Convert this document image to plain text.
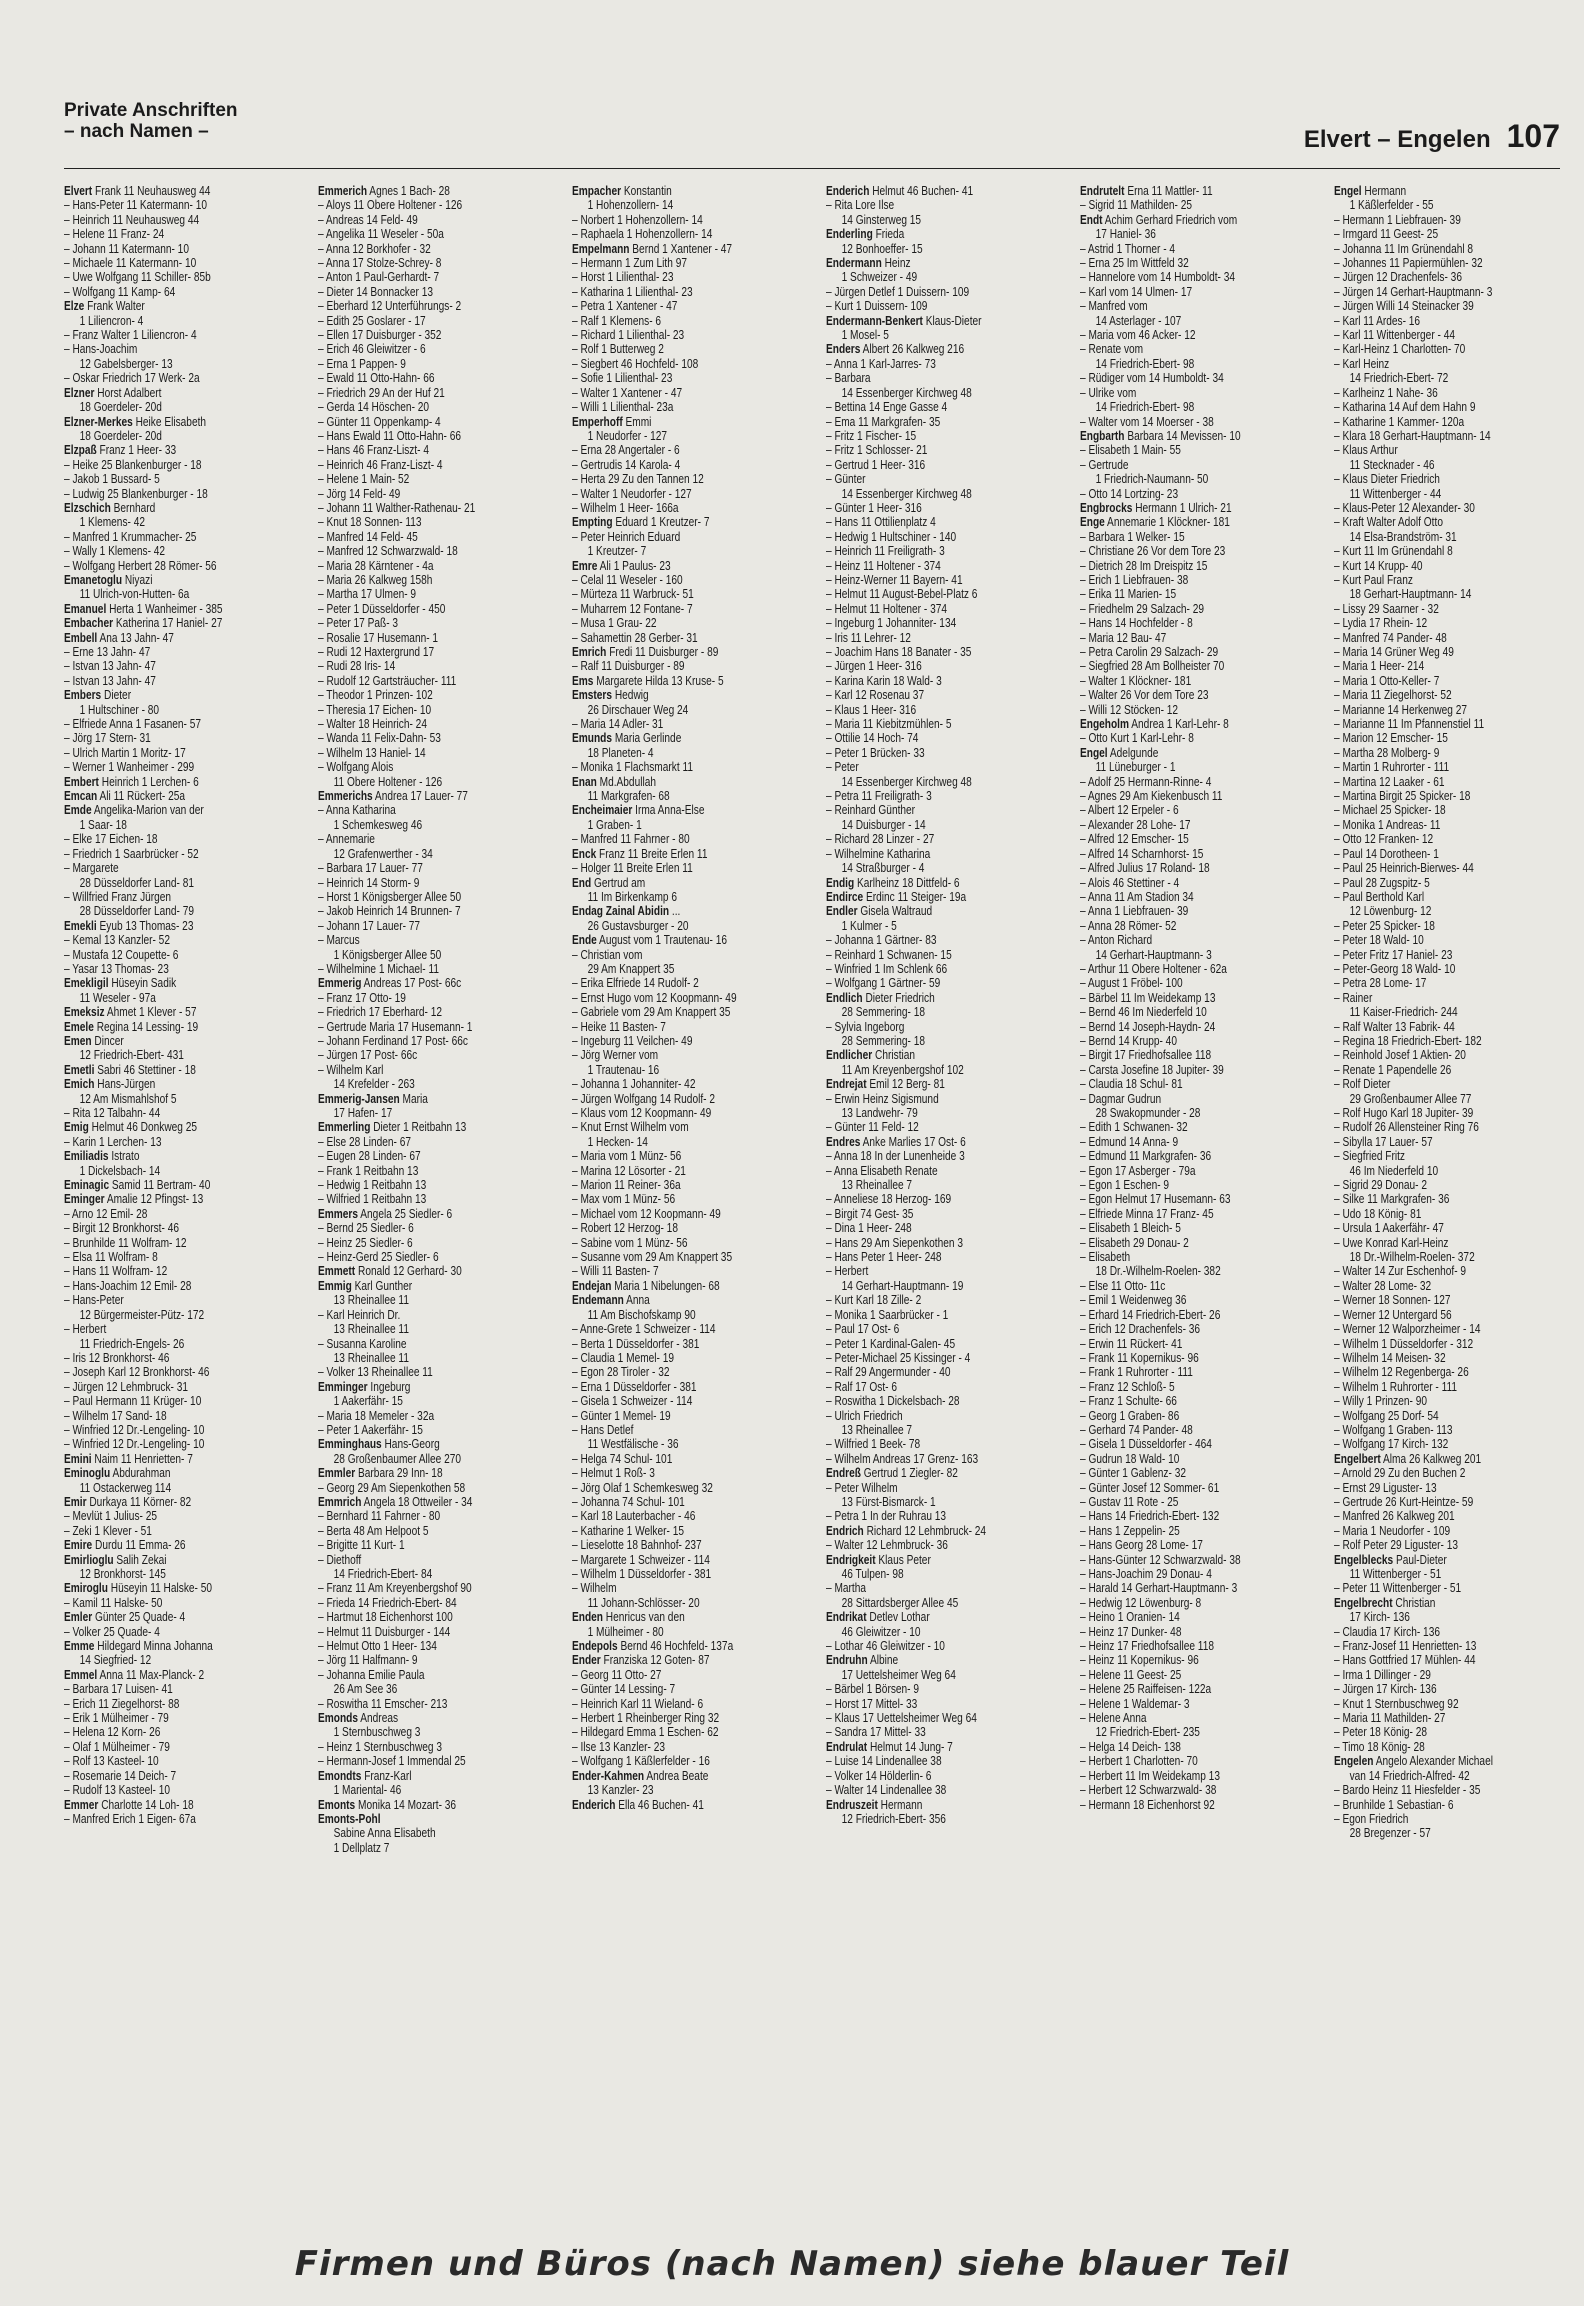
Private Anschriften
– nach Namen –	Elvert – Engelen 107
Elvert Frank 11 Neuhausweg 44
– Hans-Peter 11 Katermann- 10
– Heinrich 11 Neuhausweg 44
– Helene 11 Franz- 24
– Johann 11 Katermann- 10
– Michaele 11 Katermann- 10
– Uwe Wolfgang 11 Schiller- 85b
– Wolfgang 11 Kamp- 64
Elze Frank Walter
1 Liliencron- 4
– Franz Walter 1 Liliencron- 4
– Hans-Joachim
12 Gabelsberger- 13
– Oskar Friedrich 17 Werk- 2a
Elzner Horst Adalbert
18 Goerdeler- 20d
Elzner-Merkes Heike Elisabeth
18 Goerdeler- 20d
Elzpaß Franz 1 Heer- 33
– Heike 25 Blankenburger - 18
– Jakob 1 Bussard- 5
– Ludwig 25 Blankenburger - 18
Elzschich Bernhard
1 Klemens- 42
– Manfred 1 Krummacher- 25
– Wally 1 Klemens- 42
– Wolfgang Herbert 28 Römer- 56
Emanetoglu Niyazi
11 Ulrich-von-Hutten- 6a
Emanuel Herta 1 Wanheimer - 385
Embacher Katherina 17 Haniel- 27
Embell Ana 13 Jahn- 47
– Erne 13 Jahn- 47
– Istvan 13 Jahn- 47
– Istvan 13 Jahn- 47
Embers Dieter
1 Hultschiner - 80
– Elfriede Anna 1 Fasanen- 57
– Jörg 17 Stern- 31
– Ulrich Martin 1 Moritz- 17
– Werner 1 Wanheimer - 299
Embert Heinrich 1 Lerchen- 6
Emcan Ali 11 Rückert- 25a
Emde Angelika-Marion van der
1 Saar- 18
– Elke 17 Eichen- 18
– Friedrich 1 Saarbrücker - 52
– Margarete
28 Düsseldorfer Land- 81
– Willfried Franz Jürgen
28 Düsseldorfer Land- 79
Emekli Eyub 13 Thomas- 23
– Kemal 13 Kanzler- 52
– Mustafa 12 Coupette- 6
– Yasar 13 Thomas- 23
Emekligil Hüseyin Sadik
11 Weseler - 97a
Emeksiz Ahmet 1 Klever - 57
Emele Regina 14 Lessing- 19
Emen Dincer
12 Friedrich-Ebert- 431
Emetli Sabri 46 Stettiner - 18
Emich Hans-Jürgen
12 Am Mismahlshof 5
– Rita 12 Talbahn- 44
Emig Helmut 46 Donkweg 25
– Karin 1 Lerchen- 13
Emiliadis Istrato
1 Dickelsbach- 14
Eminagic Samid 11 Bertram- 40
Eminger Amalie 12 Pfingst- 13
– Arno 12 Emil- 28
– Birgit 12 Bronkhorst- 46
– Brunhilde 11 Wolfram- 12
– Elsa 11 Wolfram- 8
– Hans 11 Wolfram- 12
– Hans-Joachim 12 Emil- 28
– Hans-Peter
12 Bürgermeister-Pütz- 172
– Herbert
11 Friedrich-Engels- 26
– Iris 12 Bronkhorst- 46
– Joseph Karl 12 Bronkhorst- 46
– Jürgen 12 Lehmbruck- 31
– Paul Hermann 11 Krüger- 10
– Wilhelm 17 Sand- 18
– Winfried 12 Dr.-Lengeling- 10
– Winfried 12 Dr.-Lengeling- 10
Emini Naim 11 Henrietten- 7
Eminoglu Abdurahman
11 Ostackerweg 114
Emir Durkaya 11 Körner- 82
– Mevlüt 1 Julius- 25
– Zeki 1 Klever - 51
Emire Durdu 11 Emma- 26
Emirlioglu Salih Zekai
12 Bronkhorst- 145
Emiroglu Hüseyin 11 Halske- 50
– Kamil 11 Halske- 50
Emler Günter 25 Quade- 4
– Volker 25 Quade- 4
Emme Hildegard Minna Johanna
14 Siegfried- 12
Emmel Anna 11 Max-Planck- 2
– Barbara 17 Luisen- 41
– Erich 11 Ziegelhorst- 88
– Erik 1 Mülheimer - 79
– Helena 12 Korn- 26
– Olaf 1 Mülheimer - 79
– Rolf 13 Kasteel- 10
– Rosemarie 14 Deich- 7
– Rudolf 13 Kasteel- 10
Emmer Charlotte 14 Loh- 18
– Manfred Erich 1 Eigen- 67a
Emmerich Agnes 1 Bach- 28
– Aloys 11 Obere Holtener - 126
– Andreas 14 Feld- 49
– Angelika 11 Weseler - 50a
– Anna 12 Borkhofer - 32
– Anna 17 Stolze-Schrey- 8
– Anton 1 Paul-Gerhardt- 7
– Dieter 14 Bonnacker 13
– Eberhard 12 Unterführungs- 2
– Edith 25 Goslarer - 17
– Ellen 17 Duisburger - 352
– Erich 46 Gleiwitzer - 6
– Erna 1 Pappen- 9
– Ewald 11 Otto-Hahn- 66
– Friedrich 29 An der Huf 21
– Gerda 14 Höschen- 20
– Günter 11 Oppenkamp- 4
– Hans Ewald 11 Otto-Hahn- 66
– Hans 46 Franz-Liszt- 4
– Heinrich 46 Franz-Liszt- 4
– Helene 1 Main- 52
– Jörg 14 Feld- 49
– Johann 11 Walther-Rathenau- 21
– Knut 18 Sonnen- 113
– Manfred 14 Feld- 45
– Manfred 12 Schwarzwald- 18
– Maria 28 Kärntener - 4a
– Maria 26 Kalkweg 158h
– Martha 17 Ulmen- 9
– Peter 1 Düsseldorfer - 450
– Peter 17 Paß- 3
– Rosalie 17 Husemann- 1
– Rudi 12 Haxtergrund 17
– Rudi 28 Iris- 14
– Rudolf 12 Gartsträucher- 111
– Theodor 1 Prinzen- 102
– Theresia 17 Eichen- 10
– Walter 18 Heinrich- 24
– Wanda 11 Felix-Dahn- 53
– Wilhelm 13 Haniel- 14
– Wolfgang Alois
11 Obere Holtener - 126
Emmerichs Andrea 17 Lauer- 77
– Anna Katharina
1 Schemkesweg 46
– Annemarie
12 Grafenwerther - 34
– Barbara 17 Lauer- 77
– Heinrich 14 Storm- 9
– Horst 1 Königsberger Allee 50
– Jakob Heinrich 14 Brunnen- 7
– Johann 17 Lauer- 77
– Marcus
1 Königsberger Allee 50
– Wilhelmine 1 Michael- 11
Emmerig Andreas 17 Post- 66c
– Franz 17 Otto- 19
– Friedrich 17 Eberhard- 12
– Gertrude Maria 17 Husemann- 1
– Johann Ferdinand 17 Post- 66c
– Jürgen 17 Post- 66c
– Wilhelm Karl
14 Krefelder - 263
Emmerig-Jansen Maria
17 Hafen- 17
Emmerling Dieter 1 Reitbahn 13
– Else 28 Linden- 67
– Eugen 28 Linden- 67
– Frank 1 Reitbahn 13
– Hedwig 1 Reitbahn 13
– Wilfried 1 Reitbahn 13
Emmers Angela 25 Siedler- 6
– Bernd 25 Siedler- 6
– Heinz 25 Siedler- 6
– Heinz-Gerd 25 Siedler- 6
Emmett Ronald 12 Gerhard- 30
Emmig Karl Gunther
13 Rheinallee 11
– Karl Heinrich Dr.
13 Rheinallee 11
– Susanna Karoline
13 Rheinallee 11
– Volker 13 Rheinallee 11
Emminger Ingeburg
1 Aakerfähr- 15
– Maria 18 Memeler - 32a
– Peter 1 Aakerfähr- 15
Emminghaus Hans-Georg
28 Großenbaumer Allee 270
Emmler Barbara 29 Inn- 18
– Georg 29 Am Siepenkothen 58
Emmrich Angela 18 Ottweiler - 34
– Bernhard 11 Fahrner - 80
– Berta 48 Am Helpoot 5
– Brigitte 11 Kurt- 1
– Diethoff
14 Friedrich-Ebert- 84
– Franz 11 Am Kreyenbergshof 90
– Frieda 14 Friedrich-Ebert- 84
– Hartmut 18 Eichenhorst 100
– Helmut 11 Duisburger - 144
– Helmut Otto 1 Heer- 134
– Jörg 11 Halfmann- 9
– Johanna Emilie Paula
26 Am See 36
– Roswitha 11 Emscher- 213
Emonds Andreas
1 Sternbuschweg 3
– Heinz 1 Sternbuschweg 3
– Hermann-Josef 1 Immendal 25
Emondts Franz-Karl
1 Mariental- 46
Emonts Monika 14 Mozart- 36
Emonts-Pohl
Sabine Anna Elisabeth
1 Dellplatz 7
Empacher Konstantin
1 Hohenzollern- 14
– Norbert 1 Hohenzollern- 14
– Raphaela 1 Hohenzollern- 14
Empelmann Bernd 1 Xantener - 47
– Hermann 1 Zum Lith 97
– Horst 1 Lilienthal- 23
– Katharina 1 Lilienthal- 23
– Petra 1 Xantener - 47
– Ralf 1 Klemens- 6
– Richard 1 Lilienthal- 23
– Rolf 1 Butterweg 2
– Siegbert 46 Hochfeld- 108
– Sofie 1 Lilienthal- 23
– Walter 1 Xantener - 47
– Willi 1 Lilienthal- 23a
Emperhoff Emmi
1 Neudorfer - 127
– Erna 28 Angertaler - 6
– Gertrudis 14 Karola- 4
– Herta 29 Zu den Tannen 12
– Walter 1 Neudorfer - 127
– Wilhelm 1 Heer- 166a
Empting Eduard 1 Kreutzer- 7
– Peter Heinrich Eduard
1 Kreutzer- 7
Emre Ali 1 Paulus- 23
– Celal 11 Weseler - 160
– Mürteza 11 Warbruck- 51
– Muharrem 12 Fontane- 7
– Musa 1 Grau- 22
– Sahamettin 28 Gerber- 31
Emrich Fredi 11 Duisburger - 89
– Ralf 11 Duisburger - 89
Ems Margarete Hilda 13 Kruse- 5
Emsters Hedwig
26 Dirschauer Weg 24
– Maria 14 Adler- 31
Emunds Maria Gerlinde
18 Planeten- 4
– Monika 1 Flachsmarkt 11
Enan Md.Abdullah
11 Markgrafen- 68
Encheimaier Irma Anna-Else
1 Graben- 1
– Manfred 11 Fahrner - 80
Enck Franz 11 Breite Erlen 11
– Holger 11 Breite Erlen 11
End Gertrud am
11 Im Birkenkamp 6
Endag Zainal Abidin ...
26 Gustavsburger - 20
Ende August vom 1 Trautenau- 16
– Christian vom
29 Am Knappert 35
– Erika Elfriede 14 Rudolf- 2
– Ernst Hugo vom 12 Koopmann- 49
– Gabriele vom 29 Am Knappert 35
– Heike 11 Basten- 7
– Ingeburg 11 Veilchen- 49
– Jörg Werner vom
1 Trautenau- 16
– Johanna 1 Johanniter- 42
– Jürgen Wolfgang 14 Rudolf- 2
– Klaus vom 12 Koopmann- 49
– Knut Ernst Wilhelm vom
1 Hecken- 14
– Maria vom 1 Münz- 56
– Marina 12 Lösorter - 21
– Marion 11 Reiner- 36a
– Max vom 1 Münz- 56
– Michael vom 12 Koopmann- 49
– Robert 12 Herzog- 18
– Sabine vom 1 Münz- 56
– Susanne vom 29 Am Knappert 35
– Willi 11 Basten- 7
Endejan Maria 1 Nibelungen- 68
Endemann Anna
11 Am Bischofskamp 90
– Anne-Grete 1 Schweizer - 114
– Berta 1 Düsseldorfer - 381
– Claudia 1 Memel- 19
– Egon 28 Tiroler - 32
– Erna 1 Düsseldorfer - 381
– Gisela 1 Schweizer - 114
– Günter 1 Memel- 19
– Hans Detlef
11 Westfälische - 36
– Helga 74 Schul- 101
– Helmut 1 Roß- 3
– Jörg Olaf 1 Schemkesweg 32
– Johanna 74 Schul- 101
– Karl 18 Lauterbacher - 46
– Katharine 1 Welker- 15
– Lieselotte 18 Bahnhof- 237
– Margarete 1 Schweizer - 114
– Wilhelm 1 Düsseldorfer - 381
– Wilhelm
11 Johann-Schlösser- 20
Enden Henricus van den
1 Mülheimer - 80
Endepols Bernd 46 Hochfeld- 137a
Ender Franziska 12 Goten- 87
– Georg 11 Otto- 27
– Günter 14 Lessing- 7
– Heinrich Karl 11 Wieland- 6
– Herbert 1 Rheinberger Ring 32
– Hildegard Emma 1 Eschen- 62
– Ilse 13 Kanzler- 23
– Wolfgang 1 Käßlerfelder - 16
Ender-Kahmen Andrea Beate
13 Kanzler- 23
Enderich Ella 46 Buchen- 41
Enderich Helmut 46 Buchen- 41
– Rita Lore Ilse
14 Ginsterweg 15
Enderling Frieda
12 Bonhoeffer- 15
Endermann Heinz
1 Schweizer - 49
– Jürgen Detlef 1 Duissern- 109
– Kurt 1 Duissern- 109
Endermann-Benkert Klaus-Dieter
1 Mosel- 5
Enders Albert 26 Kalkweg 216
– Anna 1 Karl-Jarres- 73
– Barbara
14 Essenberger Kirchweg 48
– Bettina 14 Enge Gasse 4
– Ema 11 Markgrafen- 35
– Fritz 1 Fischer- 15
– Fritz 1 Schlosser- 21
– Gertrud 1 Heer- 316
– Günter
14 Essenberger Kirchweg 48
– Günter 1 Heer- 316
– Hans 11 Ottilienplatz 4
– Hedwig 1 Hultschiner - 140
– Heinrich 11 Freiligrath- 3
– Heinz 11 Holtener - 374
– Heinz-Werner 11 Bayern- 41
– Helmut 11 August-Bebel-Platz 6
– Helmut 11 Holtener - 374
– Ingeburg 1 Johanniter- 134
– Iris 11 Lehrer- 12
– Joachim Hans 18 Banater - 35
– Jürgen 1 Heer- 316
– Karina Karin 18 Wald- 3
– Karl 12 Rosenau 37
– Klaus 1 Heer- 316
– Maria 11 Kiebitzmühlen- 5
– Ottilie 14 Hoch- 74
– Peter 1 Brücken- 33
– Peter
14 Essenberger Kirchweg 48
– Petra 11 Freiligrath- 3
– Reinhard Günther
14 Duisburger - 14
– Richard 28 Linzer - 27
– Wilhelmine Katharina
14 Straßburger - 4
Endig Karlheinz 18 Dittfeld- 6
Endirce Erdinc 11 Steiger- 19a
Endler Gisela Waltraud
1 Kulmer - 5
– Johanna 1 Gärtner- 83
– Reinhard 1 Schwanen- 15
– Winfried 1 Im Schlenk 66
– Wolfgang 1 Gärtner- 59
Endlich Dieter Friedrich
28 Semmering- 18
– Sylvia Ingeborg
28 Semmering- 18
Endlicher Christian
11 Am Kreyenbergshof 102
Endrejat Emil 12 Berg- 81
– Erwin Heinz Sigismund
13 Landwehr- 79
– Günter 11 Feld- 12
Endres Anke Marlies 17 Ost- 6
– Anna 18 In der Lunenheide 3
– Anna Elisabeth Renate
13 Rheinallee 7
– Anneliese 18 Herzog- 169
– Birgit 74 Gest- 35
– Dina 1 Heer- 248
– Hans 29 Am Siepenkothen 3
– Hans Peter 1 Heer- 248
– Herbert
14 Gerhart-Hauptmann- 19
– Kurt Karl 18 Zille- 2
– Monika 1 Saarbrücker - 1
– Paul 17 Ost- 6
– Peter 1 Kardinal-Galen- 45
– Peter-Michael 25 Kissinger - 4
– Ralf 29 Angermunder - 40
– Ralf 17 Ost- 6
– Roswitha 1 Dickelsbach- 28
– Ulrich Friedrich
13 Rheinallee 7
– Wilfried 1 Beek- 78
– Wilhelm Andreas 17 Grenz- 163
Endreß Gertrud 1 Ziegler- 82
– Peter Wilhelm
13 Fürst-Bismarck- 1
– Petra 1 In der Ruhrau 13
Endrich Richard 12 Lehmbruck- 24
– Walter 12 Lehmbruck- 36
Endrigkeit Klaus Peter
46 Tulpen- 98
– Martha
28 Sittardsberger Allee 45
Endrikat Detlev Lothar
46 Gleiwitzer - 10
– Lothar 46 Gleiwitzer - 10
Endruhn Albine
17 Uettelsheimer Weg 64
– Bärbel 1 Börsen- 9
– Horst 17 Mittel- 33
– Klaus 17 Uettelsheimer Weg 64
– Sandra 17 Mittel- 33
Endrulat Helmut 14 Jung- 7
– Luise 14 Lindenallee 38
– Volker 14 Hölderlin- 6
– Walter 14 Lindenallee 38
Endruszeit Hermann
12 Friedrich-Ebert- 356
Endrutelt Erna 11 Mattler- 11
– Sigrid 11 Mathilden- 25
Endt Achim Gerhard Friedrich vom
17 Haniel- 36
– Astrid 1 Thorner - 4
– Erna 25 Im Wittfeld 32
– Hannelore vom 14 Humboldt- 34
– Karl vom 14 Ulmen- 17
– Manfred vom
14 Asterlager - 107
– Maria vom 46 Acker- 12
– Renate vom
14 Friedrich-Ebert- 98
– Rüdiger vom 14 Humboldt- 34
– Ulrike vom
14 Friedrich-Ebert- 98
– Walter vom 14 Moerser - 38
Engbarth Barbara 14 Mevissen- 10
– Elisabeth 1 Main- 55
– Gertrude
1 Friedrich-Naumann- 50
– Otto 14 Lortzing- 23
Engbrocks Hermann 1 Ulrich- 21
Enge Annemarie 1 Klöckner- 181
– Barbara 1 Welker- 15
– Christiane 26 Vor dem Tore 23
– Dietrich 28 Im Dreispitz 15
– Erich 1 Liebfrauen- 38
– Erika 11 Marien- 15
– Friedhelm 29 Salzach- 29
– Hans 14 Hochfelder - 8
– Maria 12 Bau- 47
– Petra Carolin 29 Salzach- 29
– Siegfried 28 Am Bollheister 70
– Walter 1 Klöckner- 181
– Walter 26 Vor dem Tore 23
– Willi 12 Stöcken- 12
Engeholm Andrea 1 Karl-Lehr- 8
– Otto Kurt 1 Karl-Lehr- 8
Engel Adelgunde
11 Lüneburger - 1
– Adolf 25 Hermann-Rinne- 4
– Agnes 29 Am Kiekenbusch 11
– Albert 12 Erpeler - 6
– Alexander 28 Lohe- 17
– Alfred 12 Emscher- 15
– Alfred 14 Scharnhorst- 15
– Alfred Julius 17 Roland- 18
– Alois 46 Stettiner - 4
– Anna 11 Am Stadion 34
– Anna 1 Liebfrauen- 39
– Anna 28 Römer- 52
– Anton Richard
14 Gerhart-Hauptmann- 3
– Arthur 11 Obere Holtener - 62a
– August 1 Fröbel- 100
– Bärbel 11 Im Weidekamp 13
– Bernd 46 Im Niederfeld 10
– Bernd 14 Joseph-Haydn- 24
– Bernd 14 Krupp- 40
– Birgit 17 Friedhofsallee 118
– Carsta Josefine 18 Jupiter- 39
– Claudia 18 Schul- 81
– Dagmar Gudrun
28 Swakopmunder - 28
– Edith 1 Schwanen- 32
– Edmund 14 Anna- 9
– Edmund 11 Markgrafen- 36
– Egon 17 Asberger - 79a
– Egon 1 Eschen- 9
– Egon Helmut 17 Husemann- 63
– Elfriede Minna 17 Franz- 45
– Elisabeth 1 Bleich- 5
– Elisabeth 29 Donau- 2
– Elisabeth
18 Dr.-Wilhelm-Roelen- 382
– Else 11 Otto- 11c
– Emil 1 Weidenweg 36
– Erhard 14 Friedrich-Ebert- 26
– Erich 12 Drachenfels- 36
– Erwin 11 Rückert- 41
– Frank 11 Kopernikus- 96
– Frank 1 Ruhrorter - 111
– Franz 12 Schloß- 5
– Franz 1 Schulte- 66
– Georg 1 Graben- 86
– Gerhard 74 Pander- 48
– Gisela 1 Düsseldorfer - 464
– Gudrun 18 Wald- 10
– Günter 1 Gablenz- 32
– Günter Josef 12 Sommer- 61
– Gustav 11 Rote - 25
– Hans 14 Friedrich-Ebert- 132
– Hans 1 Zeppelin- 25
– Hans Georg 28 Lome- 17
– Hans-Günter 12 Schwarzwald- 38
– Hans-Joachim 29 Donau- 4
– Harald 14 Gerhart-Hauptmann- 3
– Hedwig 12 Löwenburg- 8
– Heino 1 Oranien- 14
– Heinz 17 Dunker- 48
– Heinz 17 Friedhofsallee 118
– Heinz 11 Kopernikus- 96
– Helene 11 Geest- 25
– Helene 25 Raiffeisen- 122a
– Helene 1 Waldemar- 3
– Helene Anna
12 Friedrich-Ebert- 235
– Helga 14 Deich- 138
– Herbert 1 Charlotten- 70
– Herbert 11 Im Weidekamp 13
– Herbert 12 Schwarzwald- 38
– Hermann 18 Eichenhorst 92
Engel Hermann
1 Käßlerfelder - 55
– Hermann 1 Liebfrauen- 39
– Irmgard 11 Geest- 25
– Johanna 11 Im Grünendahl 8
– Johannes 11 Papiermühlen- 32
– Jürgen 12 Drachenfels- 36
– Jürgen 14 Gerhart-Hauptmann- 3
– Jürgen Willi 14 Steinacker 39
– Karl 11 Ardes- 16
– Karl 11 Wittenberger - 44
– Karl-Heinz 1 Charlotten- 70
– Karl Heinz
14 Friedrich-Ebert- 72
– Karlheinz 1 Nahe- 36
– Katharina 14 Auf dem Hahn 9
– Katharine 1 Kammer- 120a
– Klara 18 Gerhart-Hauptmann- 14
– Klaus Arthur
11 Stecknader - 46
– Klaus Dieter Friedrich
11 Wittenberger - 44
– Klaus-Peter 12 Alexander- 30
– Kraft Walter Adolf Otto
14 Elsa-Brandström- 31
– Kurt 11 Im Grünendahl 8
– Kurt 14 Krupp- 40
– Kurt Paul Franz
18 Gerhart-Hauptmann- 14
– Lissy 29 Saarner - 32
– Lydia 17 Rhein- 12
– Manfred 74 Pander- 48
– Maria 14 Grüner Weg 49
– Maria 1 Heer- 214
– Maria 1 Otto-Keller- 7
– Maria 11 Ziegelhorst- 52
– Marianne 14 Herkenweg 27
– Marianne 11 Im Pfannenstiel 11
– Marion 12 Emscher- 15
– Martha 28 Molberg- 9
– Martin 1 Ruhrorter - 111
– Martina 12 Laaker - 61
– Martina Birgit 25 Spicker- 18
– Michael 25 Spicker- 18
– Monika 1 Andreas- 11
– Otto 12 Franken- 12
– Paul 14 Dorotheen- 1
– Paul 25 Heinrich-Bierwes- 44
– Paul 28 Zugspitz- 5
– Paul Berthold Karl
12 Löwenburg- 12
– Peter 25 Spicker- 18
– Peter 18 Wald- 10
– Peter Fritz 17 Haniel- 23
– Peter-Georg 18 Wald- 10
– Petra 28 Lome- 17
– Rainer
11 Kaiser-Friedrich- 244
– Ralf Walter 13 Fabrik- 44
– Regina 18 Friedrich-Ebert- 182
– Reinhold Josef 1 Aktien- 20
– Renate 1 Papendelle 26
– Rolf Dieter
29 Großenbaumer Allee 77
– Rolf Hugo Karl 18 Jupiter- 39
– Rudolf 26 Allensteiner Ring 76
– Sibylla 17 Lauer- 57
– Siegfried Fritz
46 Im Niederfeld 10
– Sigrid 29 Donau- 2
– Silke 11 Markgrafen- 36
– Udo 18 König- 81
– Ursula 1 Aakerfähr- 47
– Uwe Konrad Karl-Heinz
18 Dr.-Wilhelm-Roelen- 372
– Walter 14 Zur Eschenhof- 9
– Walter 28 Lome- 32
– Werner 18 Sonnen- 127
– Werner 12 Untergard 56
– Werner 12 Walporzheimer - 14
– Wilhelm 1 Düsseldorfer - 312
– Wilhelm 14 Meisen- 32
– Wilhelm 12 Regenberga- 26
– Wilhelm 1 Ruhrorter - 111
– Willy 1 Prinzen- 90
– Wolfgang 25 Dorf- 54
– Wolfgang 1 Graben- 113
– Wolfgang 17 Kirch- 132
Engelbert Alma 26 Kalkweg 201
– Arnold 29 Zu den Buchen 2
– Ernst 29 Liguster- 13
– Gertrude 26 Kurt-Heintze- 59
– Manfred 26 Kalkweg 201
– Maria 1 Neudorfer - 109
– Rolf Peter 29 Liguster- 13
Engelblecks Paul-Dieter
11 Wittenberger - 51
– Peter 11 Wittenberger - 51
Engelbrecht Christian
17 Kirch- 136
– Claudia 17 Kirch- 136
– Franz-Josef 11 Henrietten- 13
– Hans Gottfried 17 Mühlen- 44
– Irma 1 Dillinger - 29
– Jürgen 17 Kirch- 136
– Knut 1 Sternbuschweg 92
– Maria 11 Mathilden- 27
– Peter 18 König- 28
– Timo 18 König- 28
Engelen Angelo Alexander Michael
van 14 Friedrich-Alfred- 42
– Bardo Heinz 11 Hiesfelder - 35
– Brunhilde 1 Sebastian- 6
– Egon Friedrich
28 Bregenzer - 57
Firmen und Büros (nach Namen) siehe blauer Teil
